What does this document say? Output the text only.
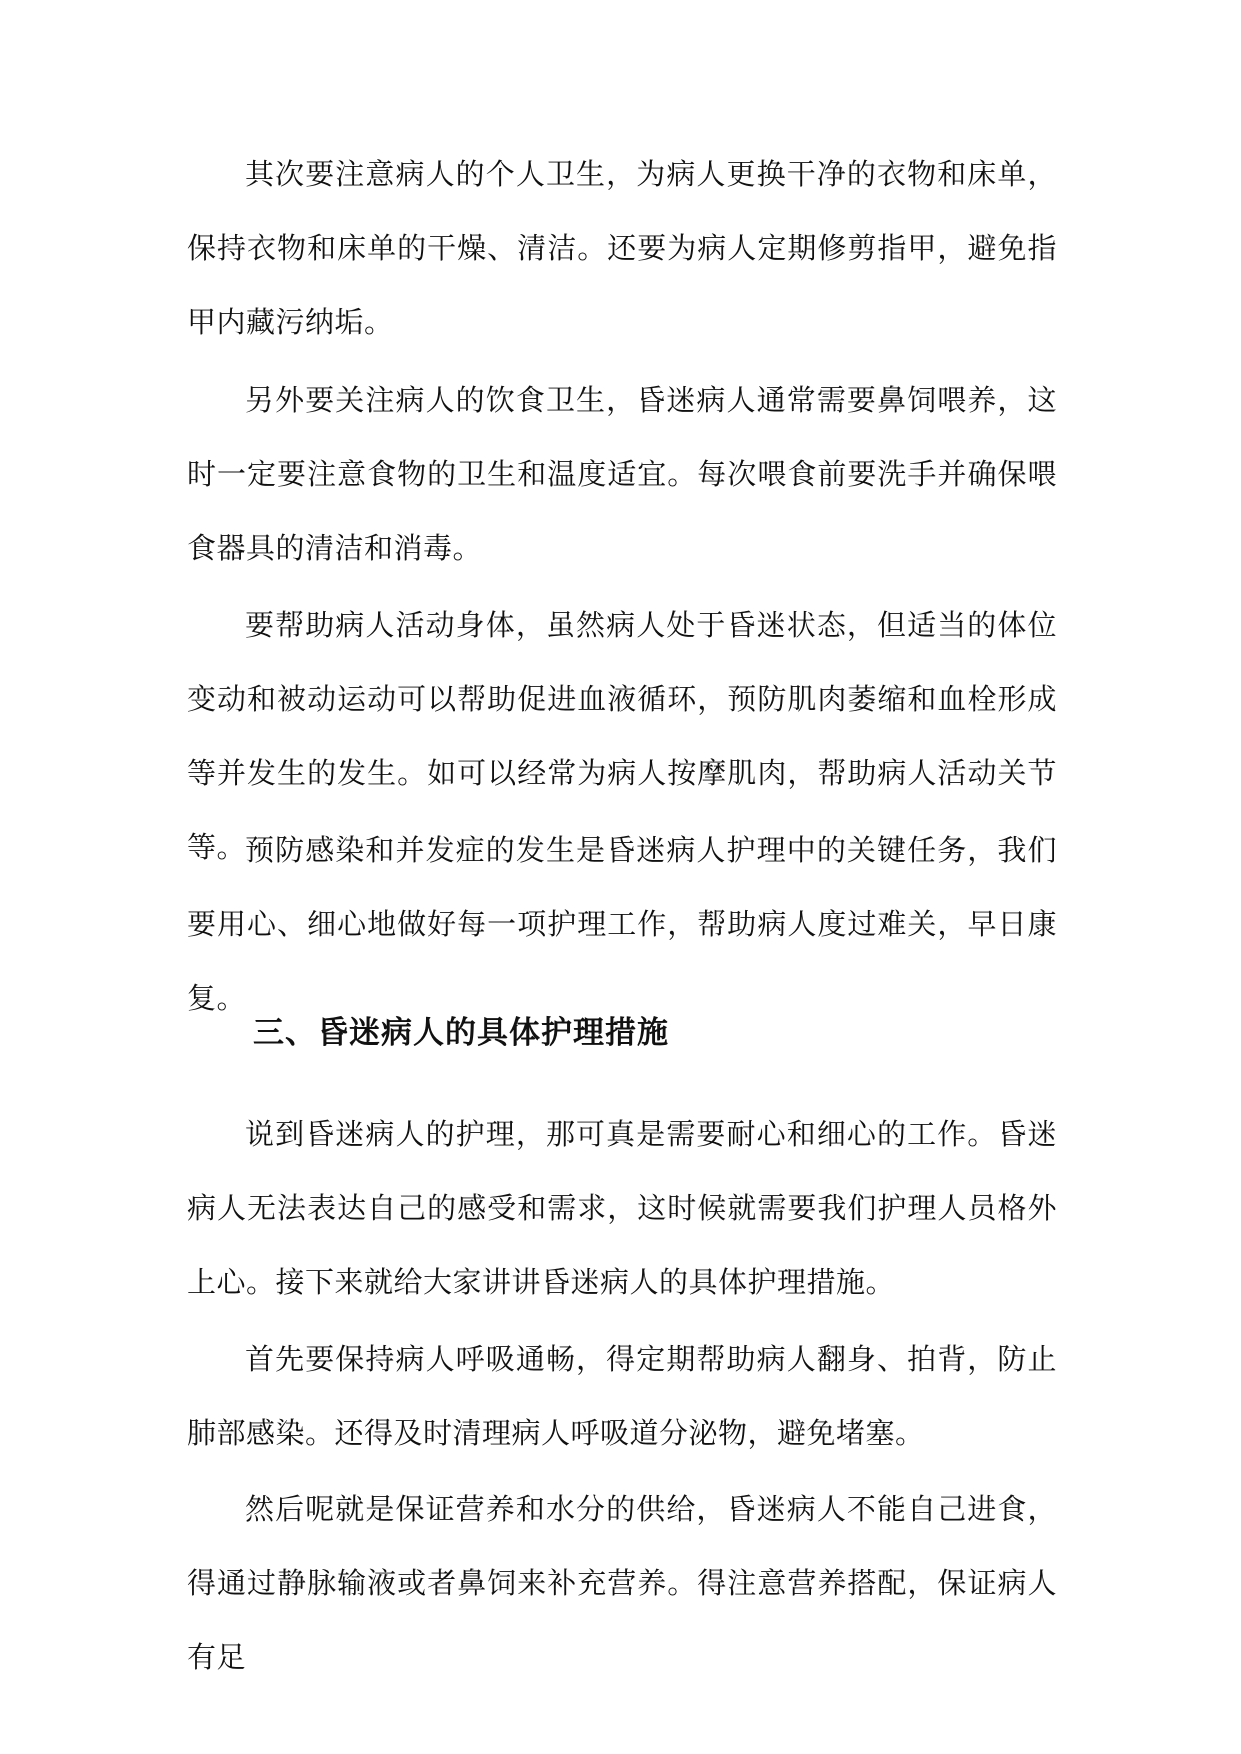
其次要注意病人的个人卫生，为病人更换干净的衣物和床单，保持衣物和床单的干燥、清洁。还要为病人定期修剪指甲，避免指甲内藏污纳垢。

另外要关注病人的饮食卫生，昏迷病人通常需要鼻饲喂养，这时一定要注意食物的卫生和温度适宜。每次喂食前要洗手并确保喂食器具的清洁和消毒。

要帮助病人活动身体，虽然病人处于昏迷状态，但适当的体位变动和被动运动可以帮助促进血液循环，预防肌肉萎缩和血栓形成等并发生的发生。如可以经常为病人按摩肌肉，帮助病人活动关节等。

预防感染和并发症的发生是昏迷病人护理中的关键任务，我们要用心、细心地做好每一项护理工作，帮助病人度过难关，早日康复。

三、昏迷病人的具体护理措施

说到昏迷病人的护理，那可真是需要耐心和细心的工作。昏迷病人无法表达自己的感受和需求，这时候就需要我们护理人员格外上心。接下来就给大家讲讲昏迷病人的具体护理措施。

首先要保持病人呼吸通畅，得定期帮助病人翻身、拍背，防止肺部感染。还得及时清理病人呼吸道分泌物，避免堵塞。

然后呢就是保证营养和水分的供给，昏迷病人不能自己进食，得通过静脉输液或者鼻饲来补充营养。得注意营养搭配，保证病人有足
